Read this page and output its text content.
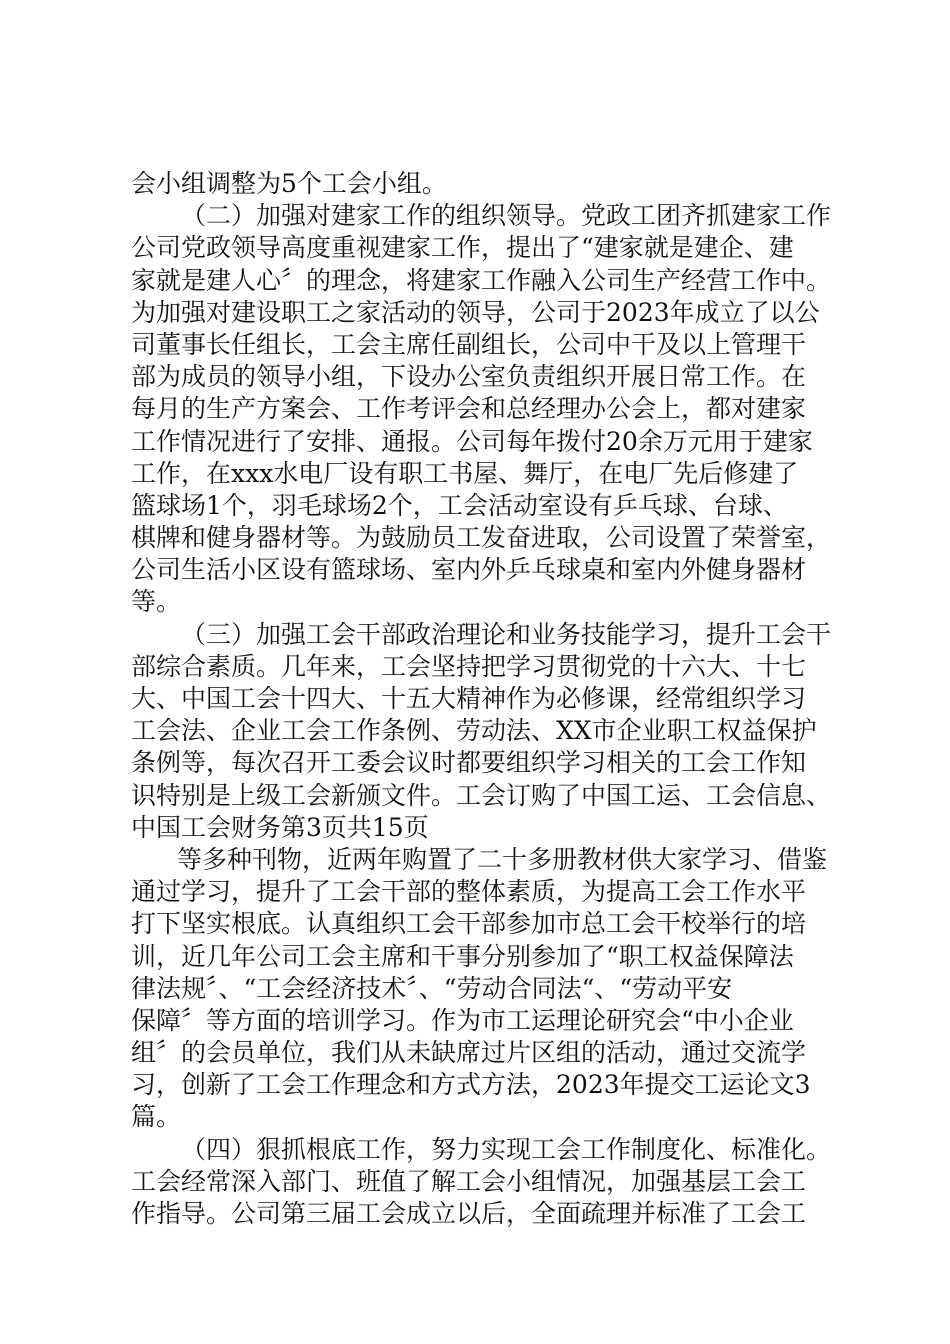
会小组调整为5个工会小组。
（二）加强对建家工作的组织领导。党政工团齐抓建家工作
公司党政领导高度重视建家工作，提出了“建家就是建企、建
家就是建人心〞的理念，将建家工作融入公司生产经营工作中。
为加强对建设职工之家活动的领导，公司于2023年成立了以公
司董事长任组长，工会主席任副组长，公司中干及以上管理干
部为成员的领导小组，下设办公室负责组织开展日常工作。在
每月的生产方案会、工作考评会和总经理办公会上，都对建家
工作情况进行了安排、通报。公司每年拨付20余万元用于建家
工作，在xxx水电厂设有职工书屋、舞厅，在电厂先后修建了
篮球场1个，羽毛球场2个，工会活动室设有乒乓球、台球、
棋牌和健身器材等。为鼓励员工发奋进取，公司设置了荣誉室，
公司生活小区设有篮球场、室内外乒乓球桌和室内外健身器材
等。
（三）加强工会干部政治理论和业务技能学习，提升工会干
部综合素质。几年来，工会坚持把学习贯彻党的十六大、十七
大、中国工会十四大、十五大精神作为必修课，经常组织学习
工会法、企业工会工作条例、劳动法、XX市企业职工权益保护
条例等，每次召开工委会议时都要组织学习相关的工会工作知
识特别是上级工会新颁文件。工会订购了中国工运、工会信息、
中国工会财务第3页共15页
等多种刊物，近两年购置了二十多册教材供大家学习、借鉴
通过学习，提升了工会干部的整体素质，为提高工会工作水平
打下坚实根底。认真组织工会干部参加市总工会干校举行的培
训，近几年公司工会主席和干事分别参加了“职工权益保障法
律法规〞、“工会经济技术〞、“劳动合同法“、“劳动平安
保障〞等方面的培训学习。作为市工运理论研究会“中小企业
组〞的会员单位，我们从未缺席过片区组的活动，通过交流学
习，创新了工会工作理念和方式方法，2023年提交工运论文3
篇。
（四）狠抓根底工作，努力实现工会工作制度化、标准化。
工会经常深入部门、班值了解工会小组情况，加强基层工会工
作指导。公司第三届工会成立以后，全面疏理并标准了工会工
